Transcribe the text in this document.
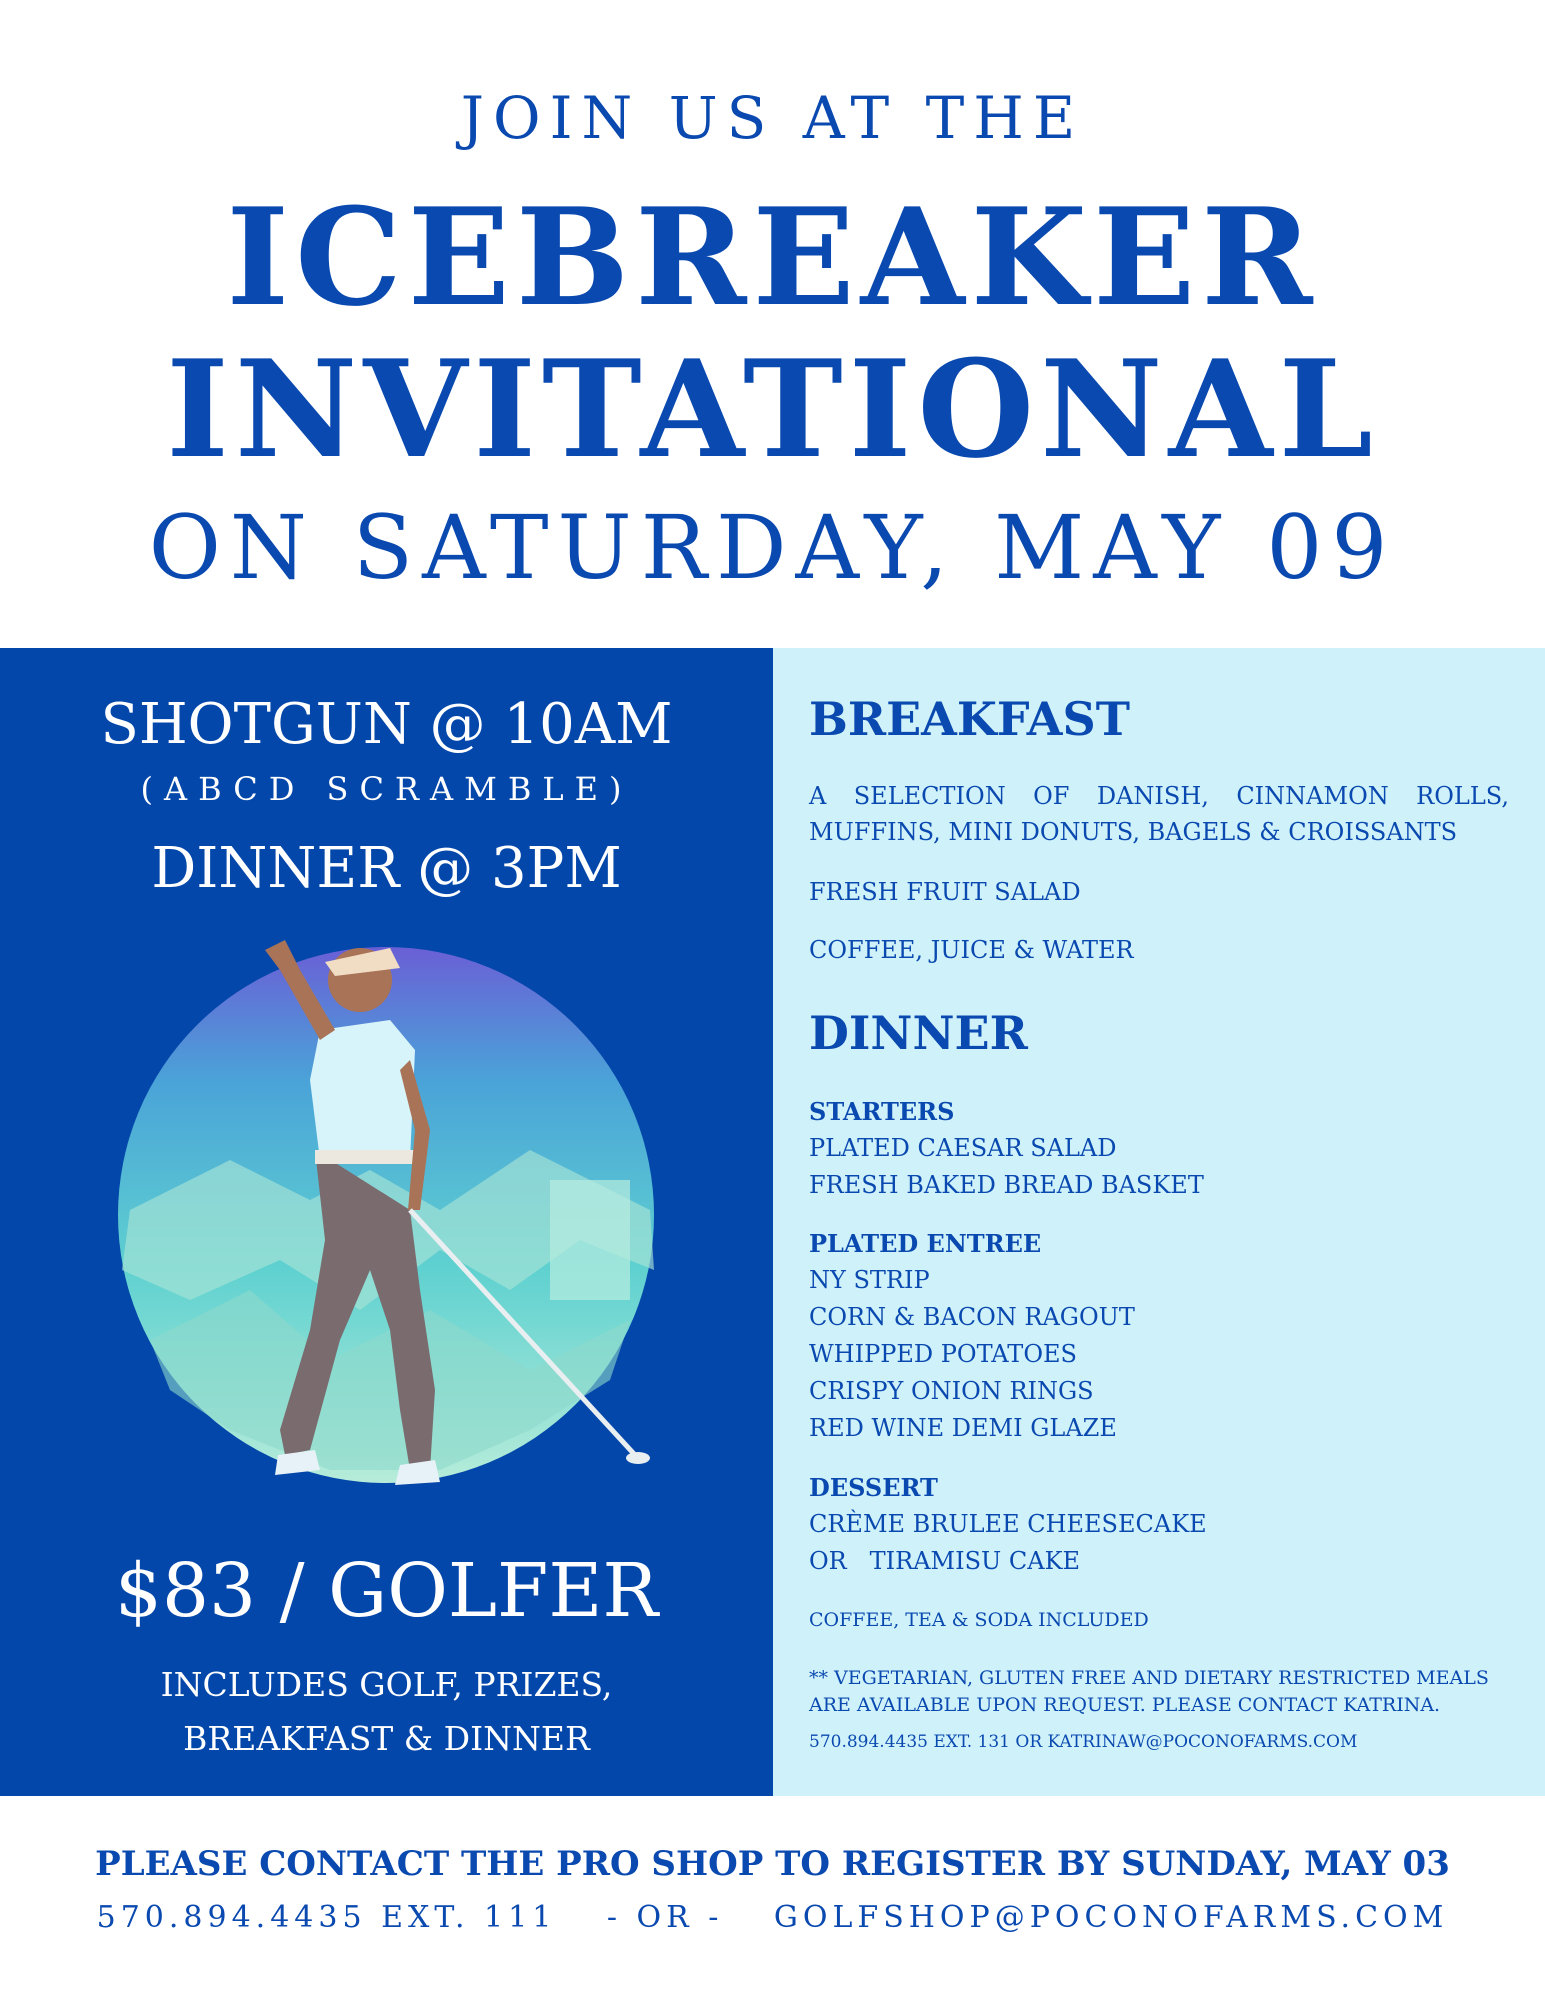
JOIN US AT THE
ICEBREAKER
INVITATIONAL
ON SATURDAY, MAY 09
SHOTGUN @ 10AM
(ABCD SCRAMBLE)
DINNER @ 3PM
$83 / GOLFER
INCLUDES GOLF, PRIZES,
BREAKFAST & DINNER
BREAKFAST
A SELECTION OF DANISH, CINNAMON ROLLS, MUFFINS, MINI DONUTS, BAGELS & CROISSANTS
FRESH FRUIT SALAD
COFFEE, JUICE & WATER
DINNER
STARTERS
PLATED CAESAR SALAD
FRESH BAKED BREAD BASKET
PLATED ENTREE
NY STRIP
CORN & BACON RAGOUT
WHIPPED POTATOES
CRISPY ONION RINGS
RED WINE DEMI GLAZE
DESSERT
CRÈME BRULEE CHEESECAKE
OR   TIRAMISU CAKE
COFFEE, TEA & SODA INCLUDED
** VEGETARIAN, GLUTEN FREE AND DIETARY RESTRICTED MEALS
ARE AVAILABLE UPON REQUEST. PLEASE CONTACT KATRINA.
570.894.4435 EXT. 131 OR KATRINAW@POCONOFARMS.COM
PLEASE CONTACT THE PRO SHOP TO REGISTER BY SUNDAY, MAY 03
570.894.4435 EXT. 111 - OR - GOLFSHOP@POCONOFARMS.COM
